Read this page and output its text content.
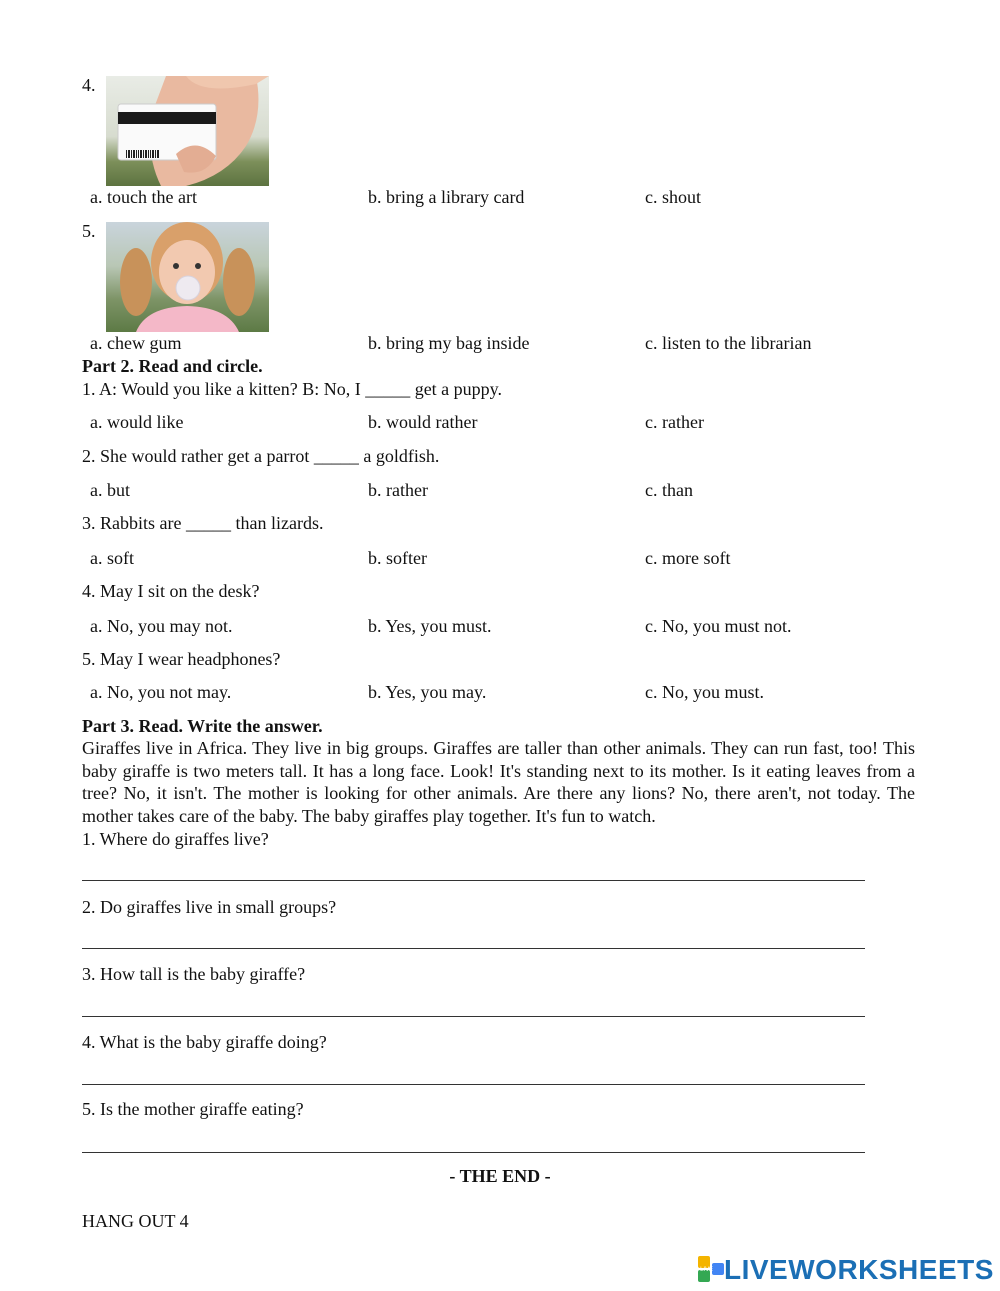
4.
a. touch the art	b. bring a library card	c. shout
5.
a. chew gum	b. bring my bag inside	c. listen to the librarian
Part 2. Read and circle.
1. A: Would you like a kitten? B: No, I _____ get a puppy.
a. would like	b. would rather	c. rather
2. She would rather get a parrot _____ a goldfish.
a. but	b. rather	c. than
3. Rabbits are _____ than lizards.
a. soft	b. softer	c. more soft
4. May I sit on the desk?
a. No, you may not.	b. Yes, you must.	c. No, you must not.
5. May I wear headphones?
a. No, you not may.	b. Yes, you may.	c. No, you must.
Part 3. Read. Write the answer.
Giraffes live in Africa. They live in big groups. Giraffes are taller than other animals. They can run fast, too! This baby giraffe is two meters tall. It has a long face. Look! It's standing next to its mother. Is it eating leaves from a tree? No, it isn't. The mother is looking for other animals. Are there any lions? No, there aren't, not today. The mother takes care of the baby. The baby giraffes play together. It's fun to watch.
1. Where do giraffes live?
2. Do giraffes live in small groups?
3. How tall is the baby giraffe?
4. What is the baby giraffe doing?
5. Is the mother giraffe eating?
- THE END -
HANG OUT 4
LIVE LIVEWORKSHEETS
